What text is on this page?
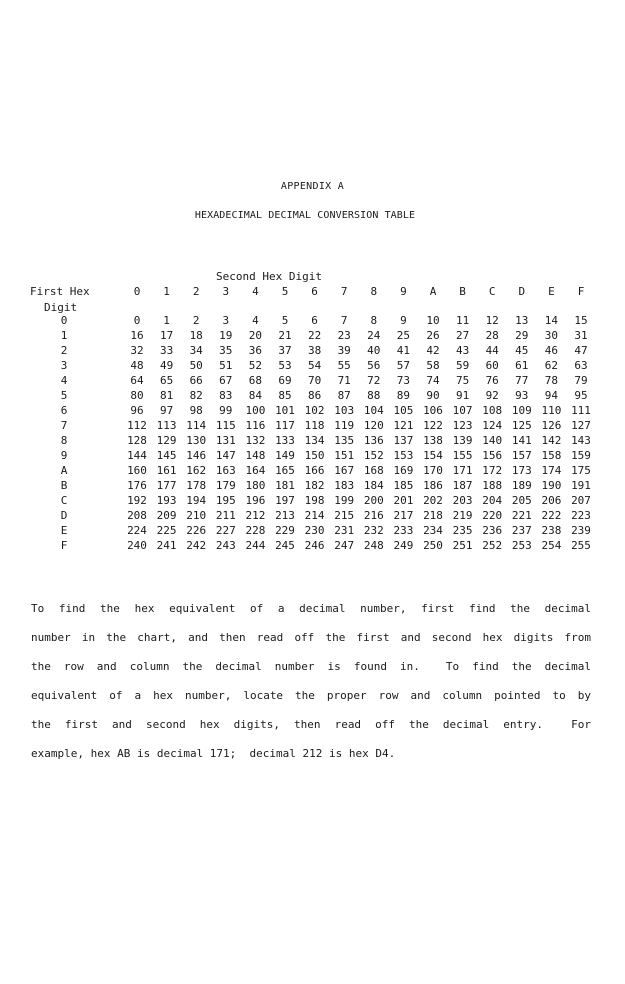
APPENDIX A
HEXADECIMAL DECIMAL CONVERSION TABLE
Second Hex Digit
First Hex
Digit
0	1	2	3	4	5	6	7	8	9	A	B	C	D	E	F
0	0	1	2	3	4	5	6	7	8	9	10	11	12	13	14	15
1	16	17	18	19	20	21	22	23	24	25	26	27	28	29	30	31
2	32	33	34	35	36	37	38	39	40	41	42	43	44	45	46	47
3	48	49	50	51	52	53	54	55	56	57	58	59	60	61	62	63
4	64	65	66	67	68	69	70	71	72	73	74	75	76	77	78	79
5	80	81	82	83	84	85	86	87	88	89	90	91	92	93	94	95
6	96	97	98	99	100 101 102 103 104 105 106 107 108 109 110 111
7	112 113 114 115 116 117 118 119 120 121 122 123 124 125 126 127
8	128 129 130 131 132 133 134 135 136 137 138 139 140 141 142 143
9	144 145 146 147 148 149 150 151 152 153 154 155 156 157 158 159
A	160 161 162 163 164 165 166 167 168 169 170 171 172 173 174 175
B	176 177 178 179 180 181 182 183 184 185 186 187 188 189 190 191
C	192 193 194 195 196 197 198 199 200 201 202 203 204 205 206 207
D	208 209 210 211 212 213 214 215 216 217 218 219 220 221 222 223
E	224 225 226 227 228 229 230 231 232 233 234 235 236 237 238 239
F	240 241 242 243 244 245 246 247 248 249 250 251 252 253 254 255
To find the hex equivalent of a decimal number, first find the decimal
number in the chart, and then read off the first and second hex digits from
the row and column the decimal number is found in.  To find the decimal
equivalent of a hex number, locate the proper row and column pointed to by
the first and second hex digits, then read off the decimal entry.  For
example, hex AB is decimal 171;  decimal 212 is hex D4.
